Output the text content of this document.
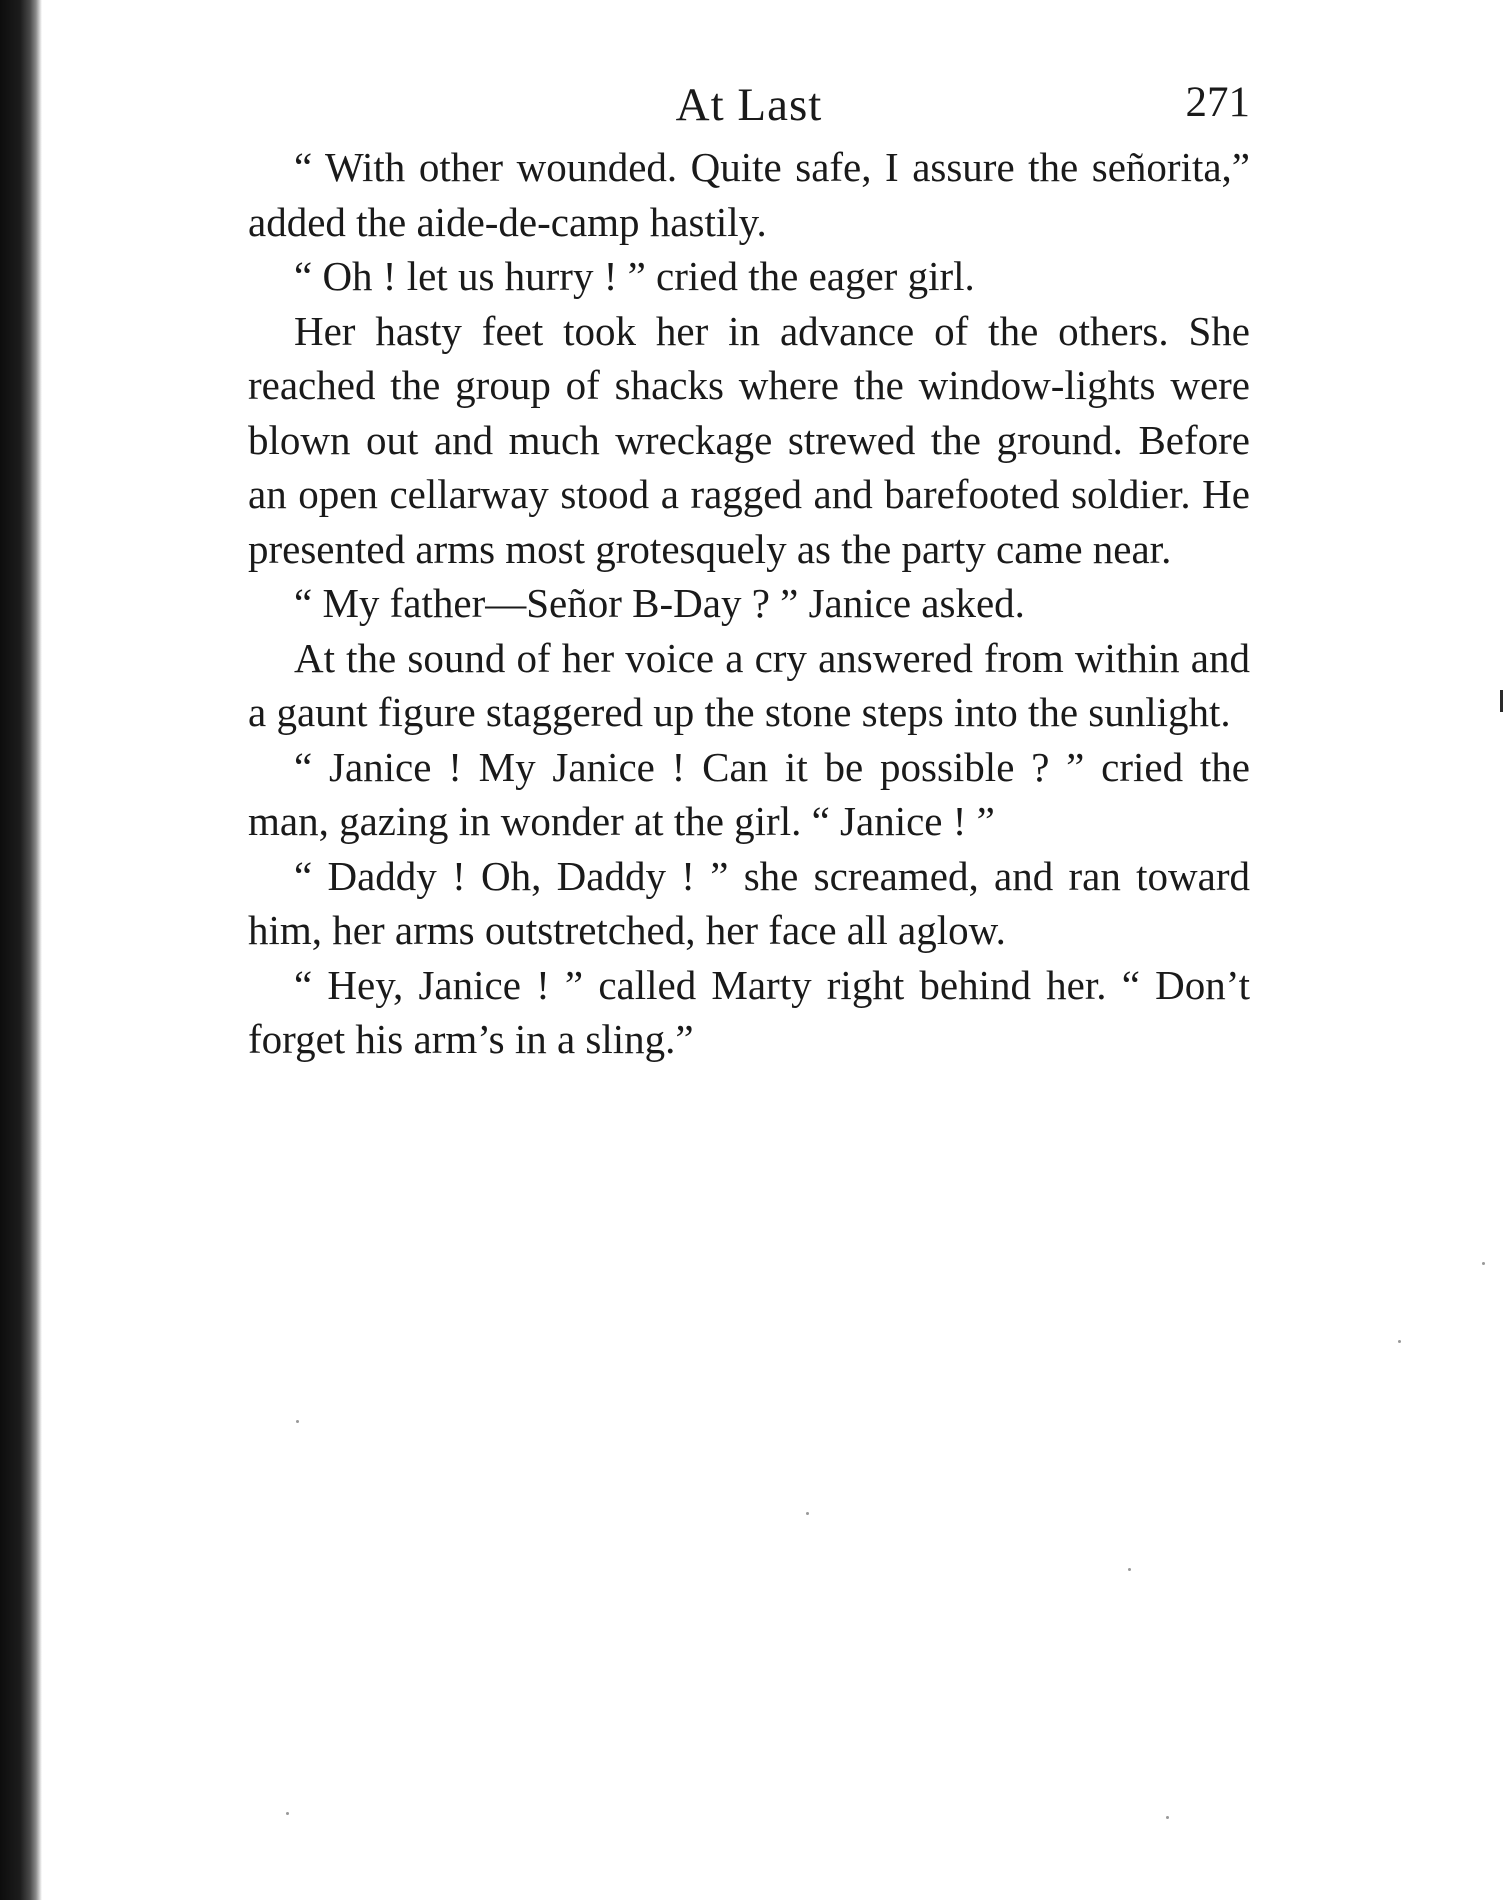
At Last	271

“ With other wounded. Quite safe, I assure the señorita,” added the aide-de-camp hastily.

“ Oh ! let us hurry ! ” cried the eager girl.

Her hasty feet took her in advance of the others. She reached the group of shacks where the window-lights were blown out and much wreckage strewed the ground. Before an open cellarway stood a ragged and barefooted soldier. He presented arms most grotesquely as the party came near.

“ My father—Señor B-Day ? ” Janice asked.

At the sound of her voice a cry answered from within and a gaunt figure staggered up the stone steps into the sunlight.

“ Janice ! My Janice ! Can it be possible ? ” cried the man, gazing in wonder at the girl. “ Janice ! ”

“ Daddy ! Oh, Daddy ! ” she screamed, and ran toward him, her arms outstretched, her face all aglow.

“ Hey, Janice ! ” called Marty right behind her. “ Don’t forget his arm’s in a sling.”
